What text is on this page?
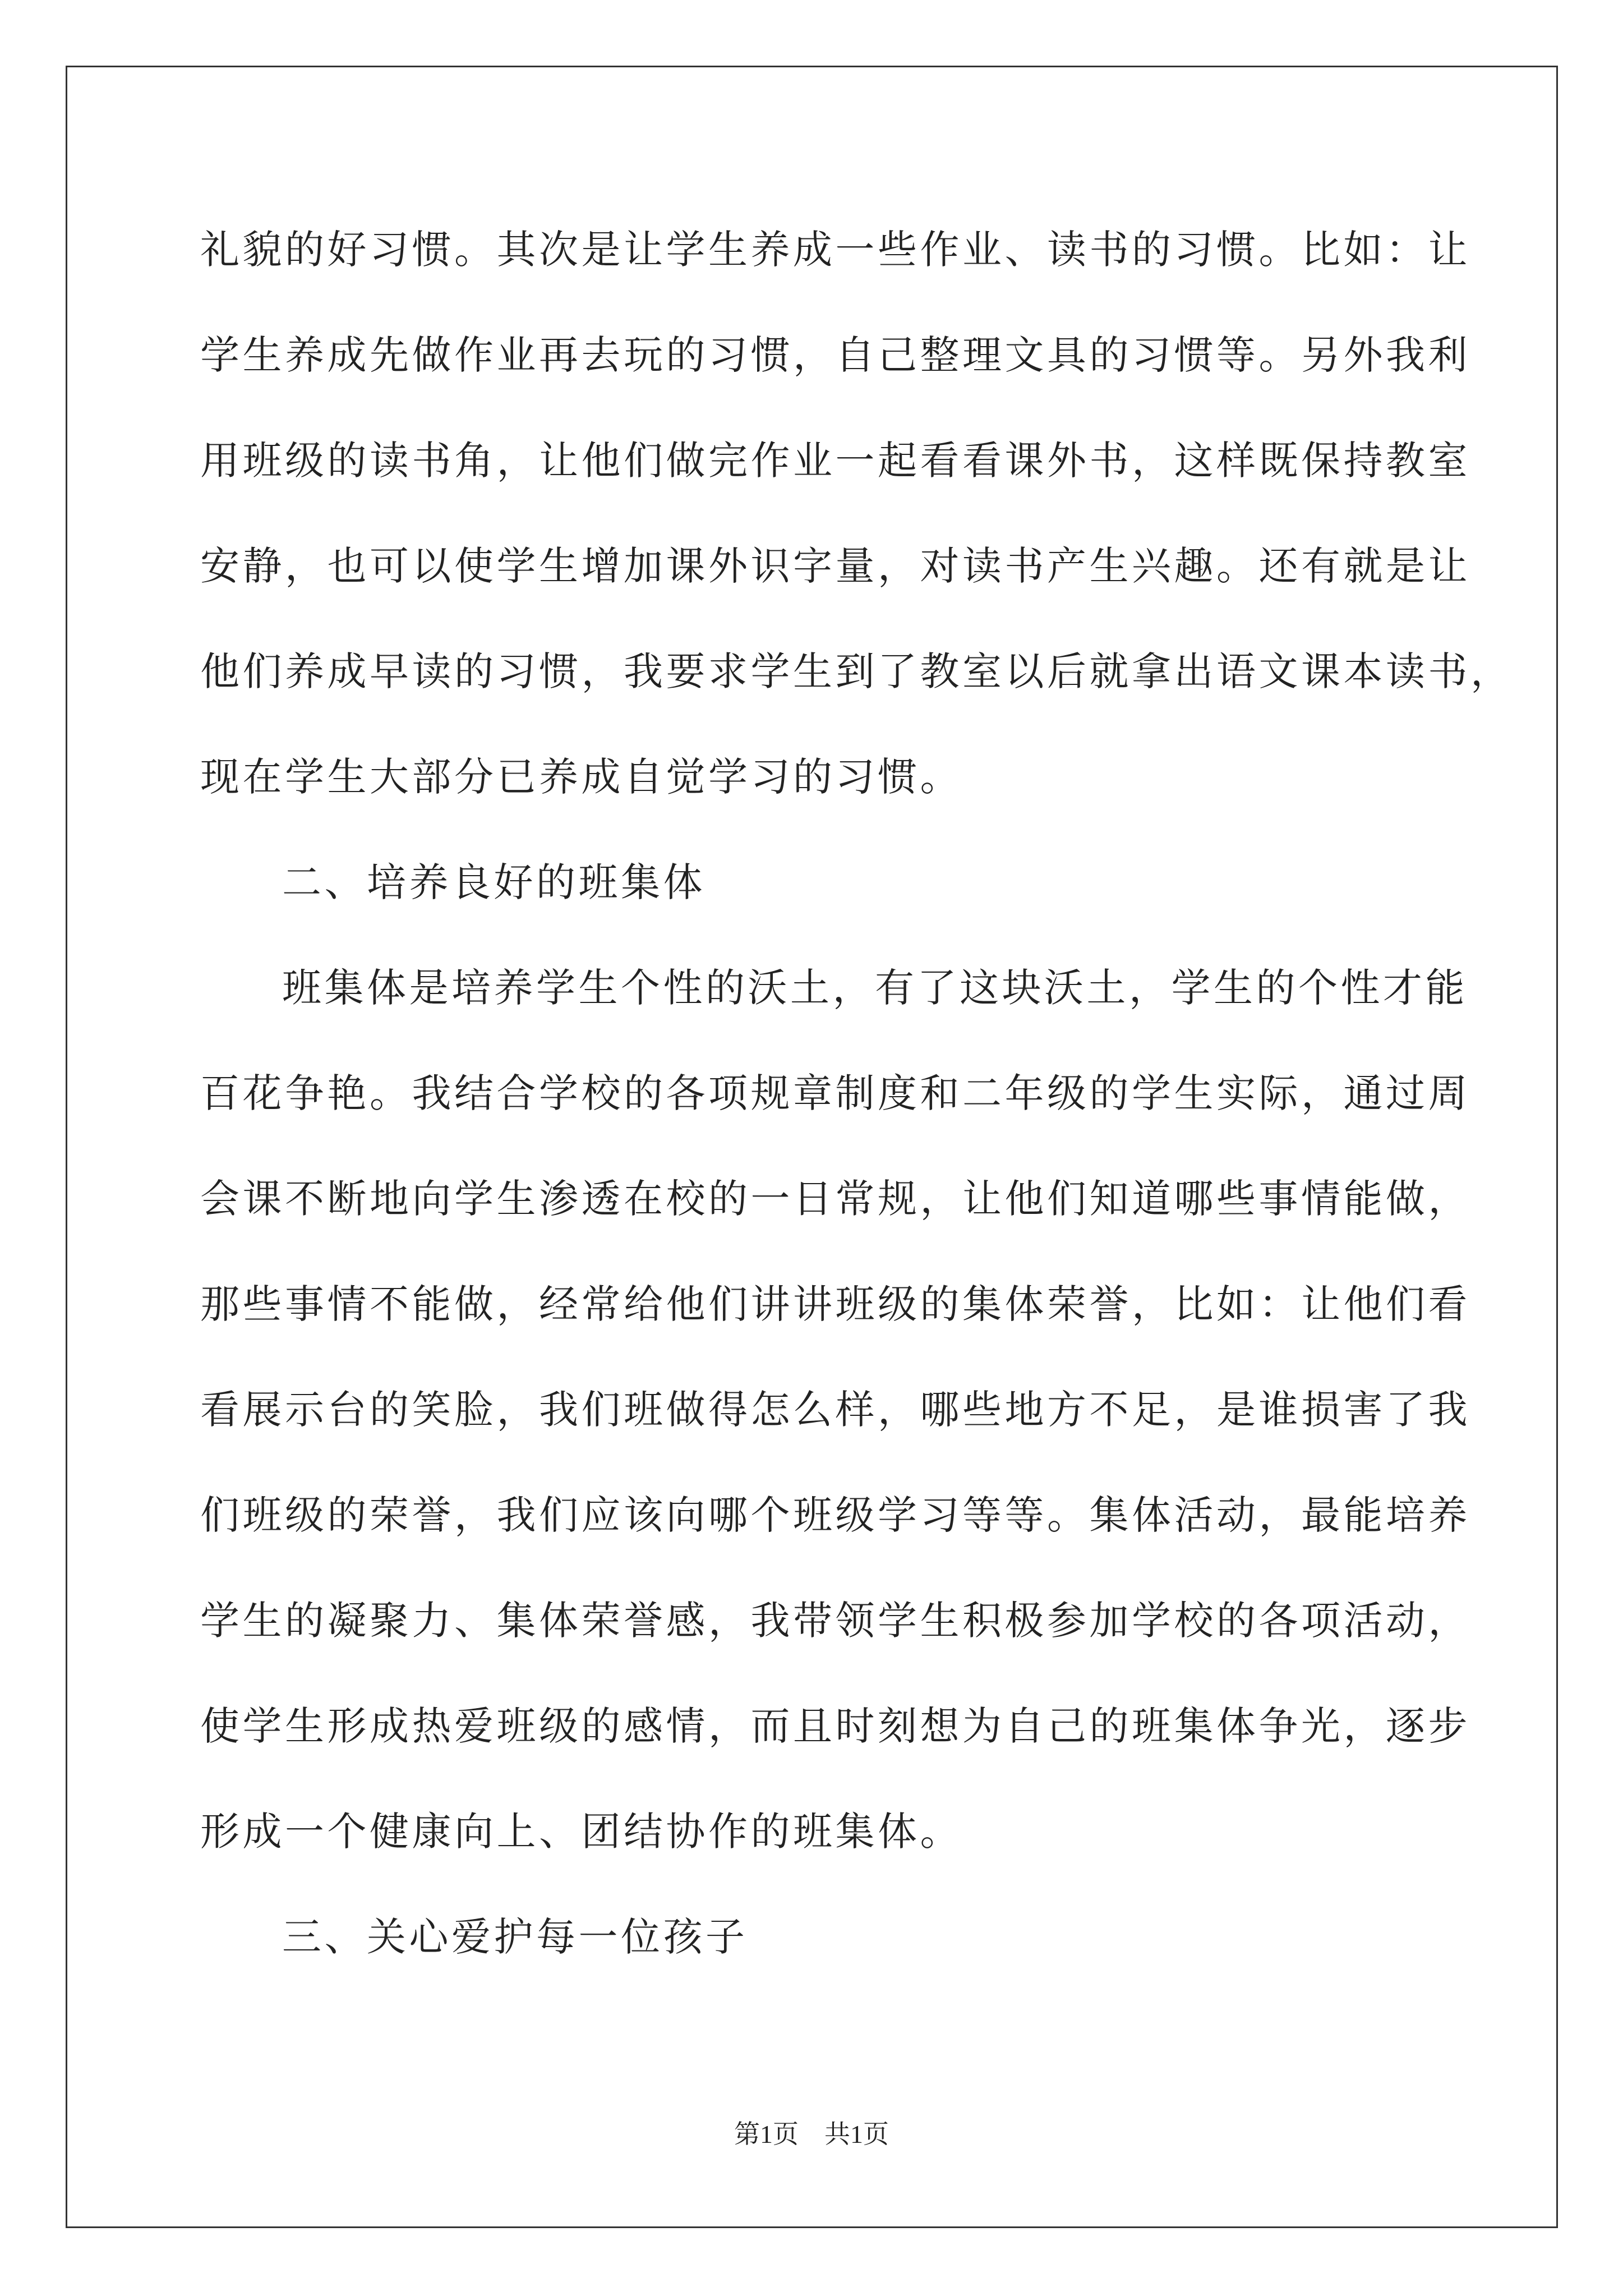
礼貌的好习惯。其次是让学生养成一些作业、读书的习惯。比如：让
学生养成先做作业再去玩的习惯，自己整理文具的习惯等。另外我利
用班级的读书角，让他们做完作业一起看看课外书，这样既保持教室
安静，也可以使学生增加课外识字量，对读书产生兴趣。还有就是让
他们养成早读的习惯，我要求学生到了教室以后就拿出语文课本读书，
现在学生大部分已养成自觉学习的习惯。
二、培养良好的班集体
班集体是培养学生个性的沃土，有了这块沃土，学生的个性才能
百花争艳。我结合学校的各项规章制度和二年级的学生实际，通过周
会课不断地向学生渗透在校的一日常规，让他们知道哪些事情能做，
那些事情不能做，经常给他们讲讲班级的集体荣誉，比如：让他们看
看展示台的笑脸，我们班做得怎么样，哪些地方不足，是谁损害了我
们班级的荣誉，我们应该向哪个班级学习等等。集体活动，最能培养
学生的凝聚力、集体荣誉感，我带领学生积极参加学校的各项活动，
使学生形成热爱班级的感情，而且时刻想为自己的班集体争光，逐步
形成一个健康向上、团结协作的班集体。
三、关心爱护每一位孩子
第1页　共1页
